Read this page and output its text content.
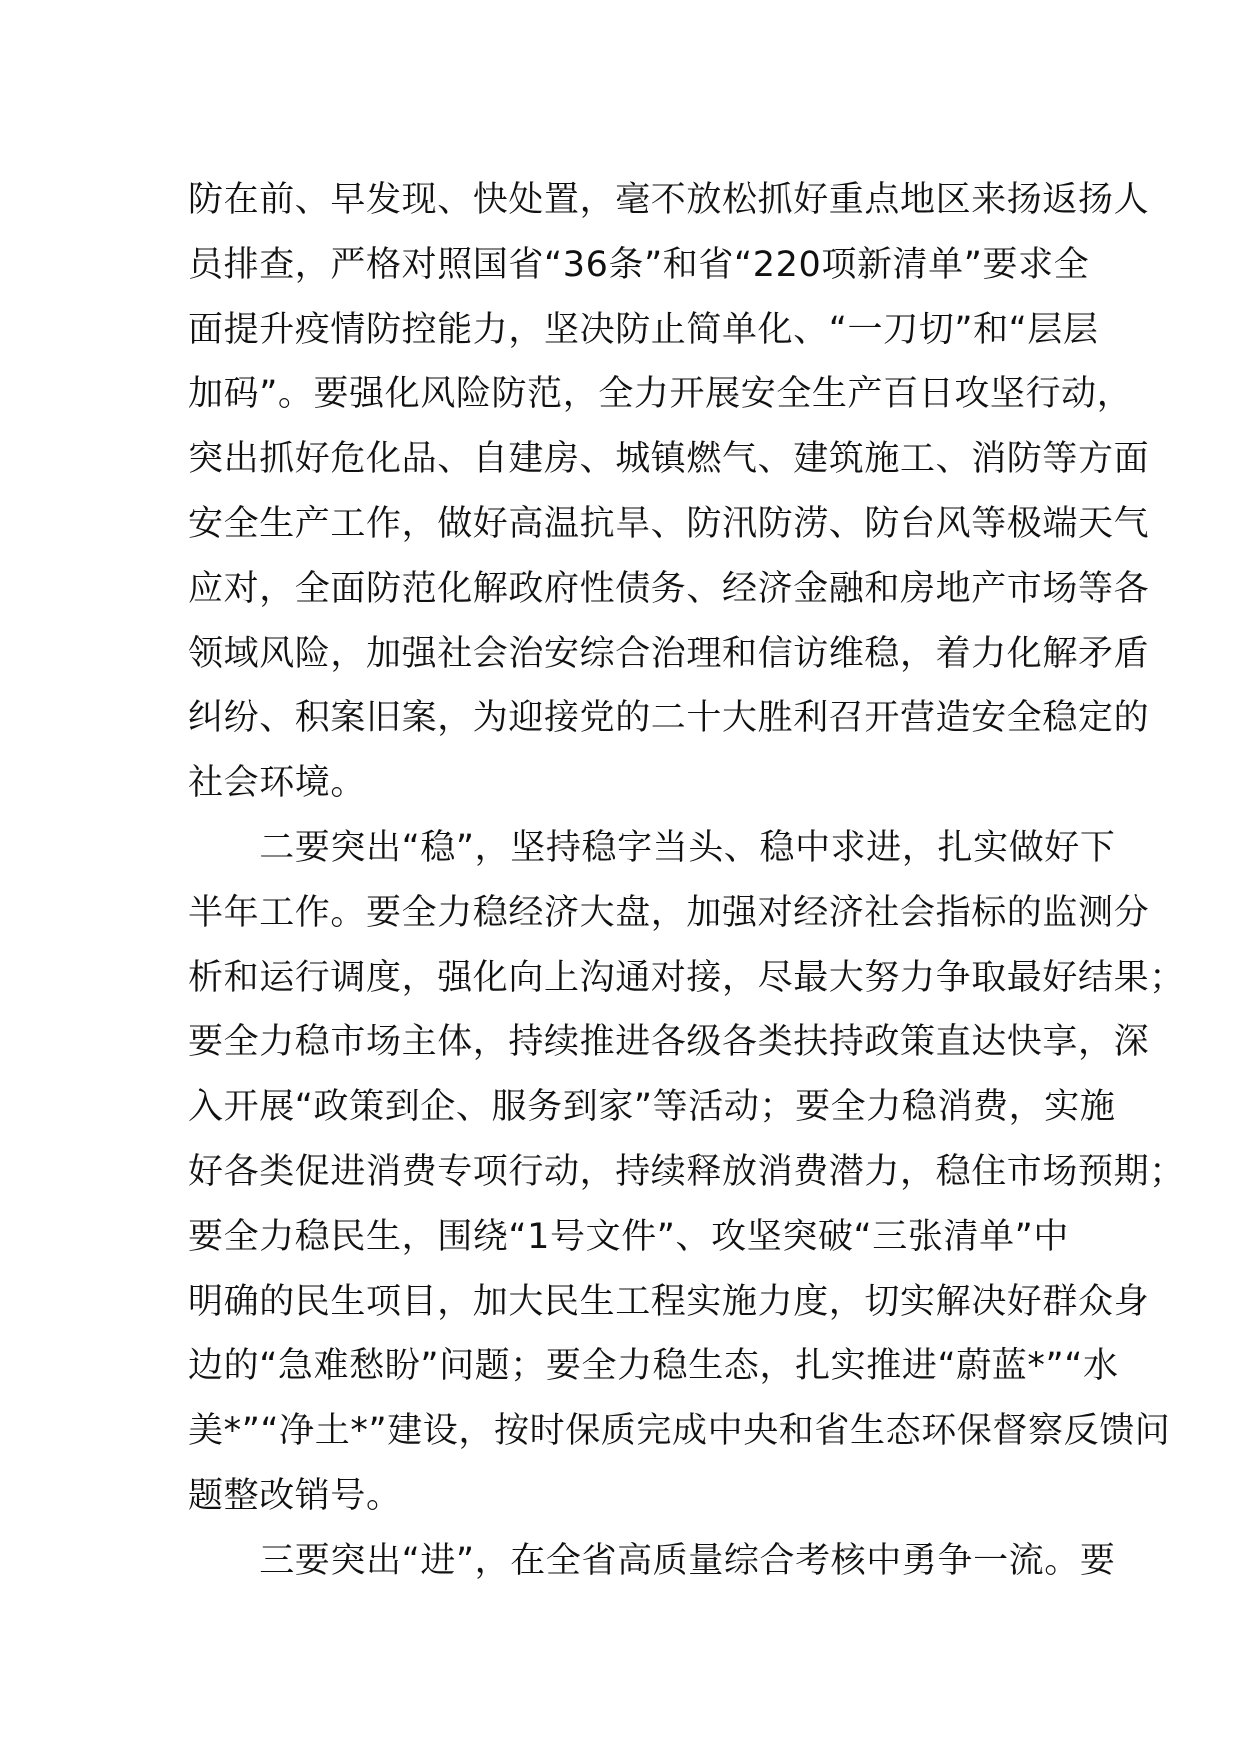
防在前、早发现、快处置，毫不放松抓好重点地区来扬返扬人
员排查，严格对照国省“36条”和省“220项新清单”要求全
面提升疫情防控能力，坚决防止简单化、“一刀切”和“层层
加码”。要强化风险防范，全力开展安全生产百日攻坚行动，
突出抓好危化品、自建房、城镇燃气、建筑施工、消防等方面
安全生产工作，做好高温抗旱、防汛防涝、防台风等极端天气
应对，全面防范化解政府性债务、经济金融和房地产市场等各
领域风险，加强社会治安综合治理和信访维稳，着力化解矛盾
纠纷、积案旧案，为迎接党的二十大胜利召开营造安全稳定的
社会环境。
　　二要突出“稳”，坚持稳字当头、稳中求进，扎实做好下
半年工作。要全力稳经济大盘，加强对经济社会指标的监测分
析和运行调度，强化向上沟通对接，尽最大努力争取最好结果；
要全力稳市场主体，持续推进各级各类扶持政策直达快享，深
入开展“政策到企、服务到家”等活动；要全力稳消费，实施
好各类促进消费专项行动，持续释放消费潜力，稳住市场预期；
要全力稳民生，围绕“1号文件”、攻坚突破“三张清单”中
明确的民生项目，加大民生工程实施力度，切实解决好群众身
边的“急难愁盼”问题；要全力稳生态，扎实推进“蔚蓝*”“水
美*”“净土*”建设，按时保质完成中央和省生态环保督察反馈问
题整改销号。
　　三要突出“进”，在全省高质量综合考核中勇争一流。要
